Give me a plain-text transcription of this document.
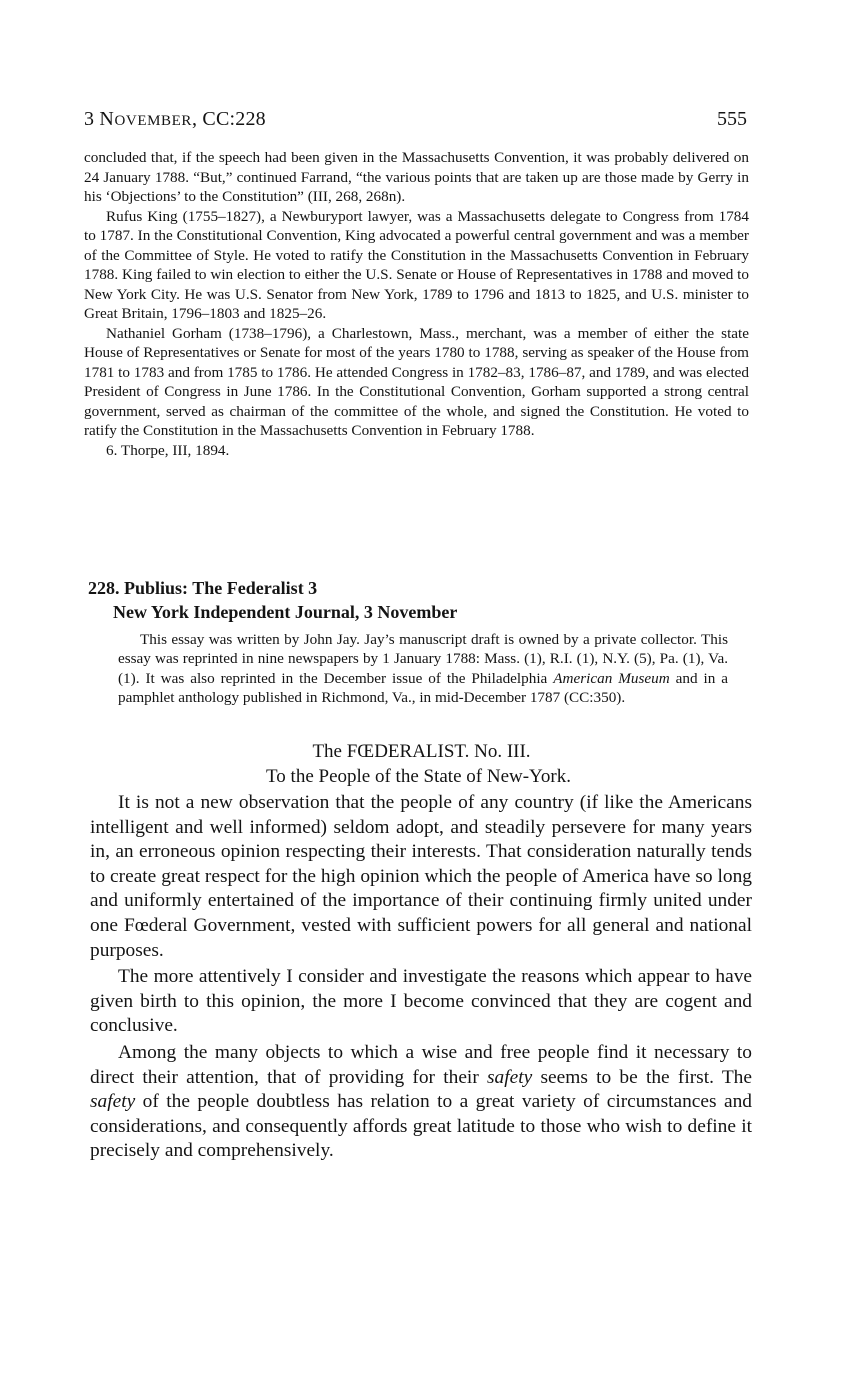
3 NOVEMBER, CC:228	555

concluded that, if the speech had been given in the Massachusetts Convention, it was probably delivered on 24 January 1788. “But,” continued Farrand, “the various points that are taken up are those made by Gerry in his ‘Objections’ to the Constitution” (III, 268, 268n).

Rufus King (1755–1827), a Newburyport lawyer, was a Massachusetts delegate to Congress from 1784 to 1787. In the Constitutional Convention, King advocated a powerful central government and was a member of the Committee of Style. He voted to ratify the Constitution in the Massachusetts Convention in February 1788. King failed to win election to either the U.S. Senate or House of Representatives in 1788 and moved to New York City. He was U.S. Senator from New York, 1789 to 1796 and 1813 to 1825, and U.S. minister to Great Britain, 1796–1803 and 1825–26.

Nathaniel Gorham (1738–1796), a Charlestown, Mass., merchant, was a member of either the state House of Representatives or Senate for most of the years 1780 to 1788, serving as speaker of the House from 1781 to 1783 and from 1785 to 1786. He attended Congress in 1782–83, 1786–87, and 1789, and was elected President of Congress in June 1786. In the Constitutional Convention, Gorham supported a strong central government, served as chairman of the committee of the whole, and signed the Constitution. He voted to ratify the Constitution in the Massachusetts Convention in February 1788.

6. Thorpe, III, 1894.

228. Publius: The Federalist 3
New York Independent Journal, 3 November

This essay was written by John Jay. Jay’s manuscript draft is owned by a private collector. This essay was reprinted in nine newspapers by 1 January 1788: Mass. (1), R.I. (1), N.Y. (5), Pa. (1), Va. (1). It was also reprinted in the December issue of the Philadelphia American Museum and in a pamphlet anthology published in Richmond, Va., in mid-December 1787 (CC:350).

The FŒDERALIST. No. III.
To the People of the State of New-York.

It is not a new observation that the people of any country (if like the Americans intelligent and well informed) seldom adopt, and steadily persevere for many years in, an erroneous opinion respecting their interests. That consideration naturally tends to create great respect for the high opinion which the people of America have so long and uniformly entertained of the importance of their continuing firmly united under one Fœderal Government, vested with sufficient powers for all general and national purposes.

The more attentively I consider and investigate the reasons which appear to have given birth to this opinion, the more I become convinced that they are cogent and conclusive.

Among the many objects to which a wise and free people find it necessary to direct their attention, that of providing for their safety seems to be the first. The safety of the people doubtless has relation to a great variety of circumstances and considerations, and consequently affords great latitude to those who wish to define it precisely and comprehensively.
